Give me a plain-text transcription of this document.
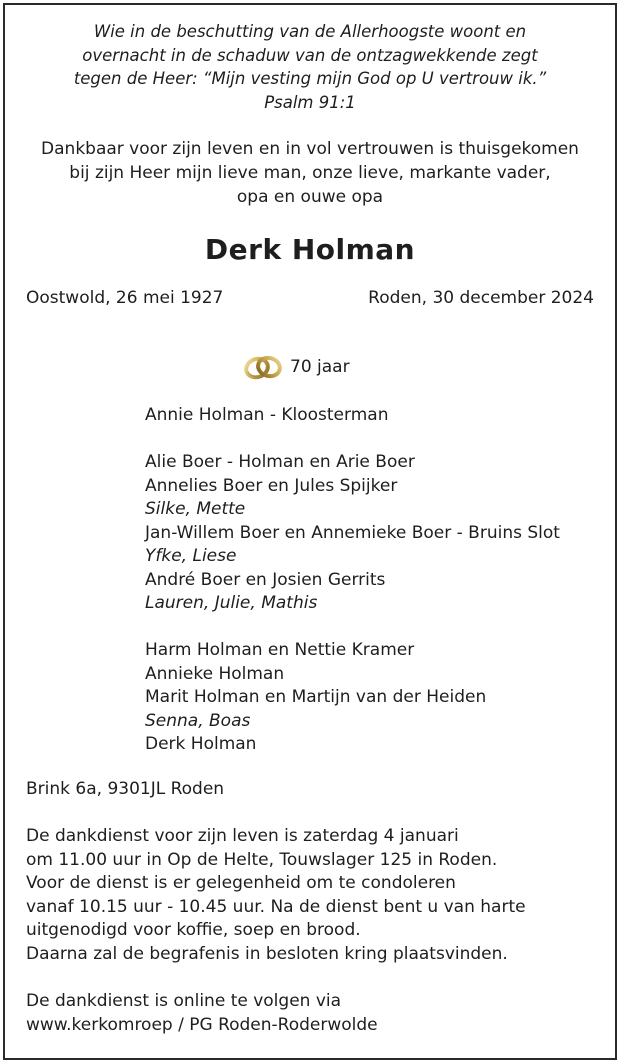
Wie in de beschutting van de Allerhoogste woont en
overnacht in de schaduw van de ontzagwekkende zegt
tegen de Heer: “Mijn vesting mijn God op U vertrouw ik.”
Psalm 91:1
Dankbaar voor zijn leven en in vol vertrouwen is thuisgekomen
bij zijn Heer mijn lieve man, onze lieve, markante vader,
opa en ouwe opa
Derk Holman
Oostwold, 26 mei 1927	Roden, 30 december 2024
70 jaar
Annie Holman - Kloosterman
Alie Boer - Holman en Arie Boer
Annelies Boer en Jules Spijker
Silke, Mette
Jan-Willem Boer en Annemieke Boer - Bruins Slot
Yfke, Liese
André Boer en Josien Gerrits
Lauren, Julie, Mathis
Harm Holman en Nettie Kramer
Annieke Holman
Marit Holman en Martijn van der Heiden
Senna, Boas
Derk Holman
Brink 6a, 9301JL Roden
De dankdienst voor zijn leven is zaterdag 4 januari
om 11.00 uur in Op de Helte, Touwslager 125 in Roden.
Voor de dienst is er gelegenheid om te condoleren
vanaf 10.15 uur - 10.45 uur. Na de dienst bent u van harte
uitgenodigd voor koffie, soep en brood.
Daarna zal de begrafenis in besloten kring plaatsvinden.
De dankdienst is online te volgen via
www.kerkomroep / PG Roden-Roderwolde
